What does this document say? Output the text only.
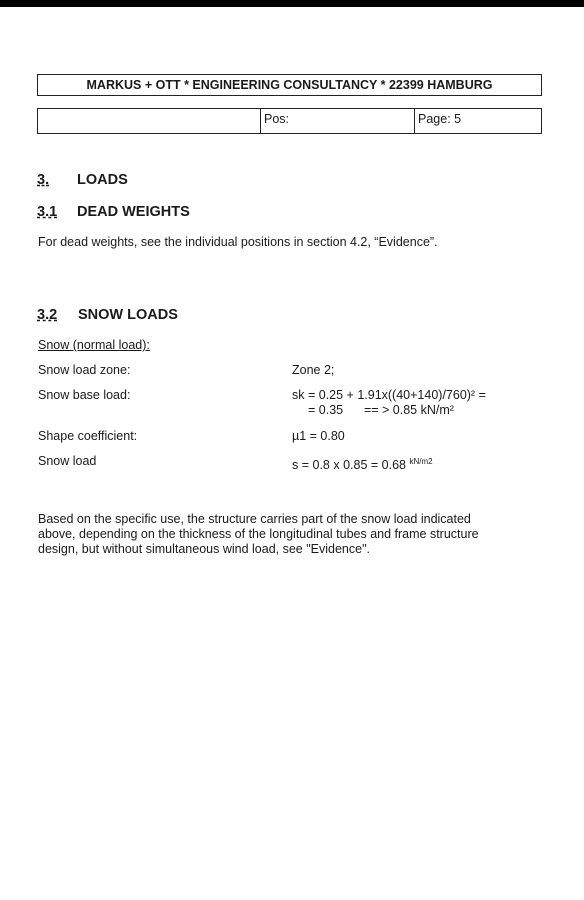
MARKUS + OTT * ENGINEERING CONSULTANCY * 22399 HAMBURG
Pos:	Page: 5
3. LOADS
3.1 DEAD WEIGHTS
For dead weights, see the individual positions in section 4.2, “Evidence”.
3.2 SNOW LOADS
Snow (normal load):
Snow load zone:	Zone 2;
Snow base load:	sk = 0.25 + 1.91x((40+140)/760)² =
= 0.35      == > 0.85 kN/m²
Shape coefficient:	µ1 = 0.80
Snow load	s = 0.8 x 0.85 = 0.68 $^{kN/m2}$
Based on the specific use, the structure carries part of the snow load indicated
above, depending on the thickness of the longitudinal tubes and frame structure
design, but without simultaneous wind load, see "Evidence".
